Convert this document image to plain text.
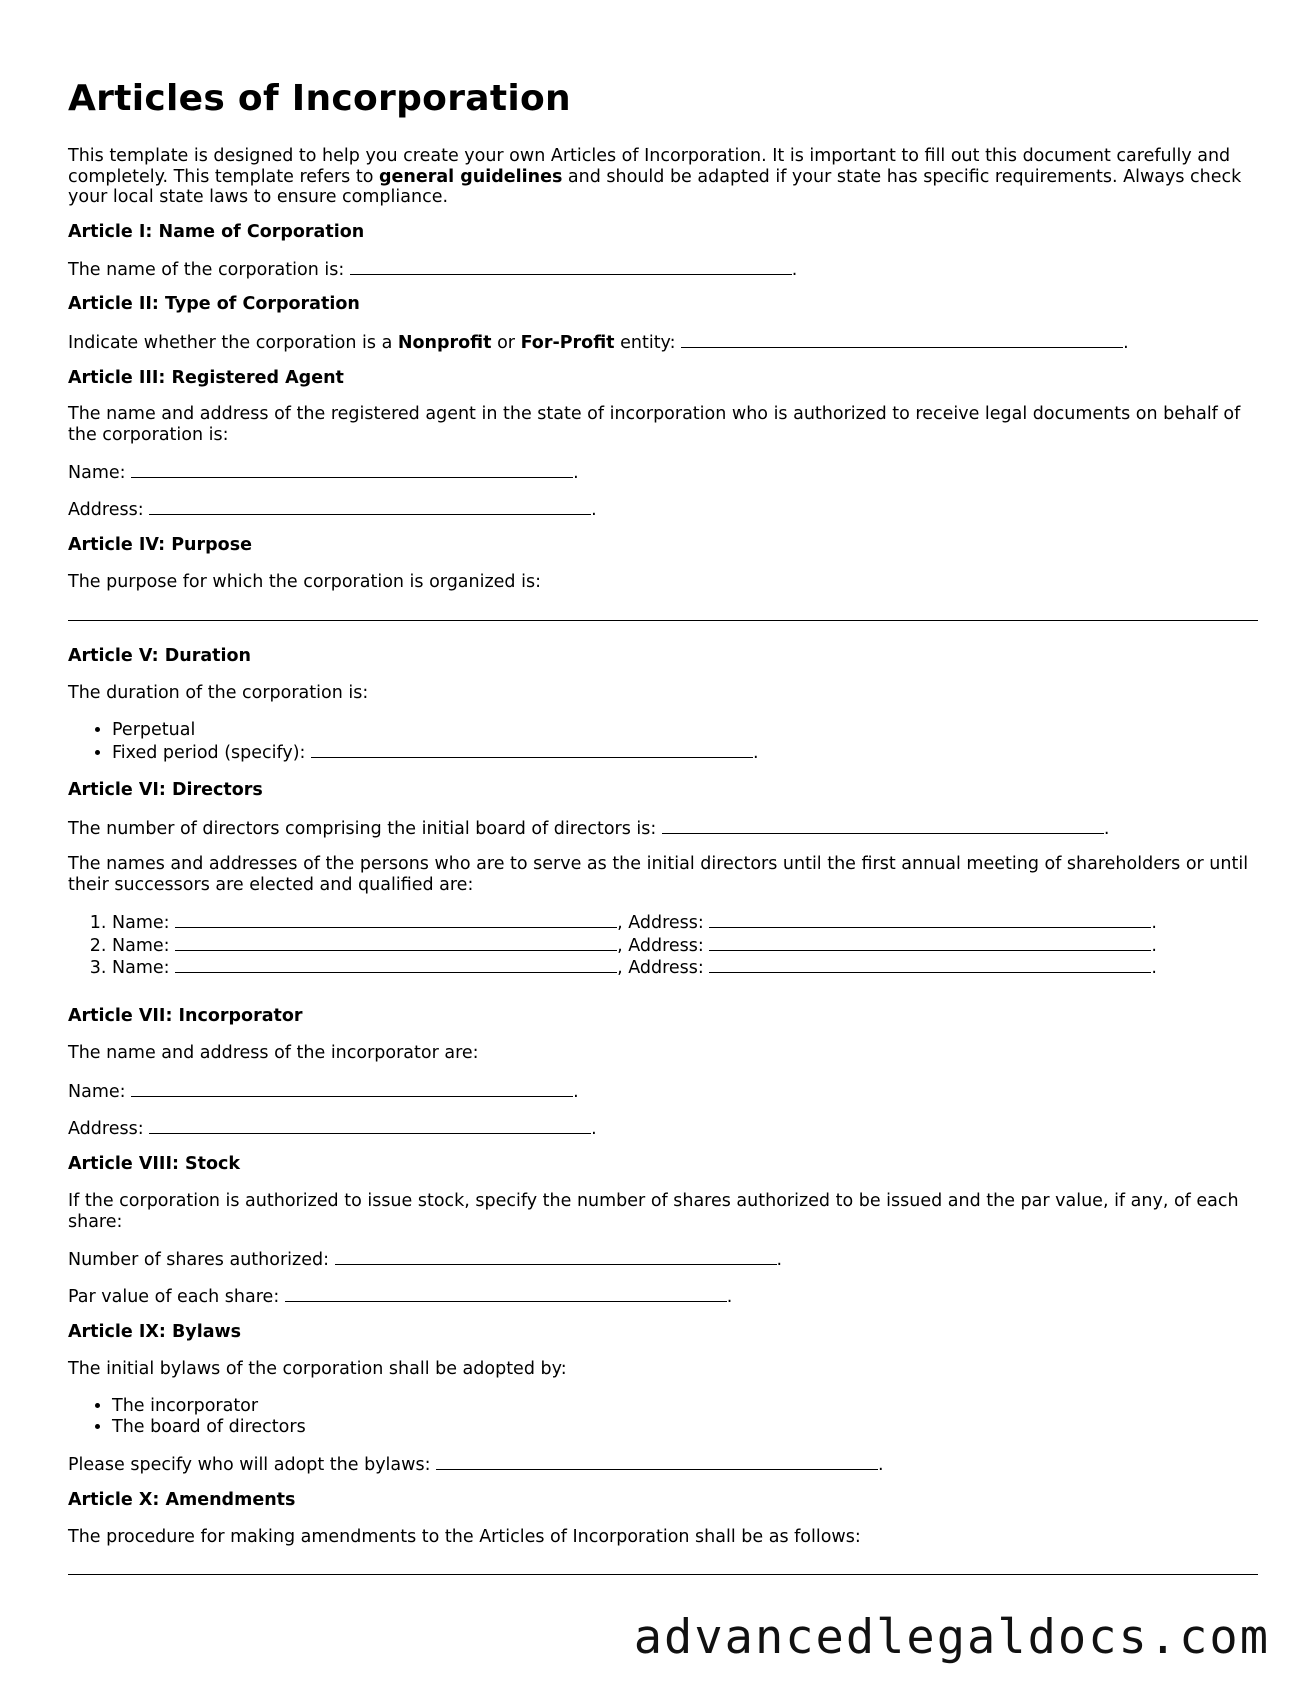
Articles of Incorporation
This template is designed to help you create your own Articles of Incorporation. It is important to fill out this document carefully and completely. This template refers to general guidelines and should be adapted if your state has specific requirements. Always check your local state laws to ensure compliance.
Article I: Name of Corporation
The name of the corporation is:	.
Article II: Type of Corporation
Indicate whether the corporation is a Nonprofit or For-Profit entity:	.
Article III: Registered Agent
The name and address of the registered agent in the state of incorporation who is authorized to receive legal documents on behalf of the corporation is:
Name:	.
Address:	.
Article IV: Purpose
The purpose for which the corporation is organized is:
Article V: Duration
The duration of the corporation is:
• Perpetual
• Fixed period (specify):	.
Article VI: Directors
The number of directors comprising the initial board of directors is:	.
The names and addresses of the persons who are to serve as the initial directors until the first annual meeting of shareholders or until their successors are elected and qualified are:
1. Name:	, Address:	.
2. Name:	, Address:	.
3. Name:	, Address:	.
Article VII: Incorporator
The name and address of the incorporator are:
Name:	.
Address:	.
Article VIII: Stock
If the corporation is authorized to issue stock, specify the number of shares authorized to be issued and the par value, if any, of each share:
Number of shares authorized:	.
Par value of each share:	.
Article IX: Bylaws
The initial bylaws of the corporation shall be adopted by:
• The incorporator
• The board of directors
Please specify who will adopt the bylaws:	.
Article X: Amendments
The procedure for making amendments to the Articles of Incorporation shall be as follows:
advancedlegaldocs.com
